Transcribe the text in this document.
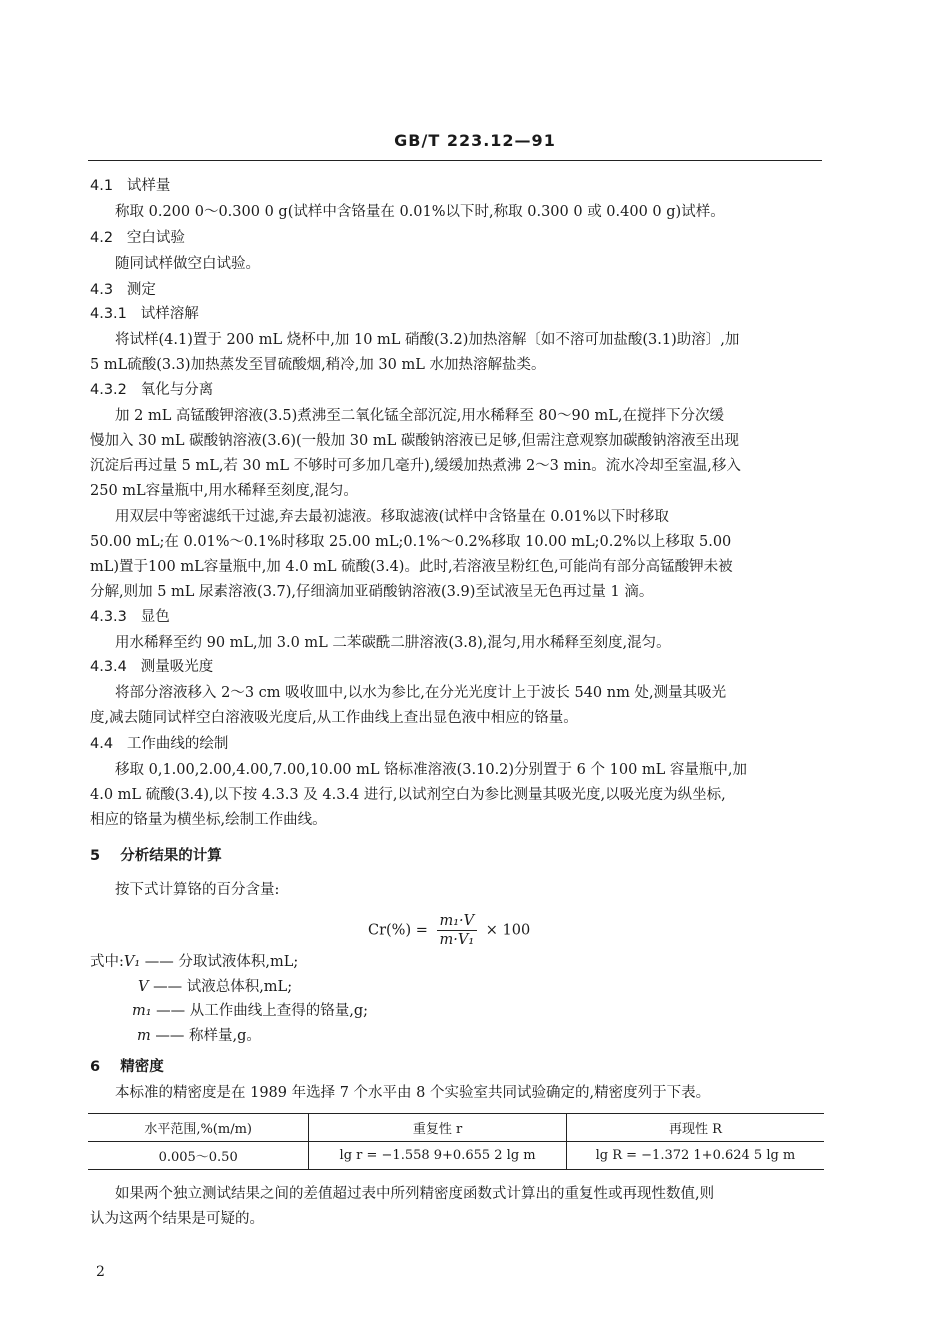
GB/T 223.12—91
4.1 试样量
称取 0.200 0～0.300 0 g(试样中含铬量在 0.01%以下时,称取 0.300 0 或 0.400 0 g)试样。
4.2 空白试验
随同试样做空白试验。
4.3 测定
4.3.1 试样溶解
将试样(4.1)置于 200 mL 烧杯中,加 10 mL 硝酸(3.2)加热溶解〔如不溶可加盐酸(3.1)助溶〕,加
5 mL硫酸(3.3)加热蒸发至冒硫酸烟,稍冷,加 30 mL 水加热溶解盐类。
4.3.2 氧化与分离
加 2 mL 高锰酸钾溶液(3.5)煮沸至二氧化锰全部沉淀,用水稀释至 80～90 mL,在搅拌下分次缓
慢加入 30 mL 碳酸钠溶液(3.6)(一般加 30 mL 碳酸钠溶液已足够,但需注意观察加碳酸钠溶液至出现
沉淀后再过量 5 mL,若 30 mL 不够时可多加几毫升),缓缓加热煮沸 2～3 min。流水冷却至室温,移入
250 mL容量瓶中,用水稀释至刻度,混匀。
用双层中等密滤纸干过滤,弃去最初滤液。移取滤液(试样中含铬量在 0.01%以下时移取
50.00 mL;在 0.01%～0.1%时移取 25.00 mL;0.1%～0.2%移取 10.00 mL;0.2%以上移取 5.00
mL)置于100 mL容量瓶中,加 4.0 mL 硫酸(3.4)。此时,若溶液呈粉红色,可能尚有部分高锰酸钾未被
分解,则加 5 mL 尿素溶液(3.7),仔细滴加亚硝酸钠溶液(3.9)至试液呈无色再过量 1 滴。
4.3.3 显色
用水稀释至约 90 mL,加 3.0 mL 二苯碳酰二肼溶液(3.8),混匀,用水稀释至刻度,混匀。
4.3.4 测量吸光度
将部分溶液移入 2～3 cm 吸收皿中,以水为参比,在分光光度计上于波长 540 nm 处,测量其吸光
度,减去随同试样空白溶液吸光度后,从工作曲线上查出显色液中相应的铬量。
4.4 工作曲线的绘制
移取 0,1.00,2.00,4.00,7.00,10.00 mL 铬标准溶液(3.10.2)分别置于 6 个 100 mL 容量瓶中,加
4.0 mL 硫酸(3.4),以下按 4.3.3 及 4.3.4 进行,以试剂空白为参比测量其吸光度,以吸光度为纵坐标,
相应的铬量为横坐标,绘制工作曲线。
5 分析结果的计算
按下式计算铬的百分含量:
$Cr(\%) = \frac{\text{m₁·V}}{\text{m·V₁}} \times 100$
式中:V₁ —— 分取试液体积,mL;
V —— 试液总体积,mL;
m₁ —— 从工作曲线上查得的铬量,g;
m —— 称样量,g。
6 精密度
本标准的精密度是在 1989 年选择 7 个水平由 8 个实验室共同试验确定的,精密度列于下表。
水平范围,%(m/m)	重复性 r	再现性 R
0.005～0.50	lg r = −1.558 9+0.655 2 lg m	lg R = −1.372 1+0.624 5 lg m
如果两个独立测试结果之间的差值超过表中所列精密度函数式计算出的重复性或再现性数值,则
认为这两个结果是可疑的。
2
